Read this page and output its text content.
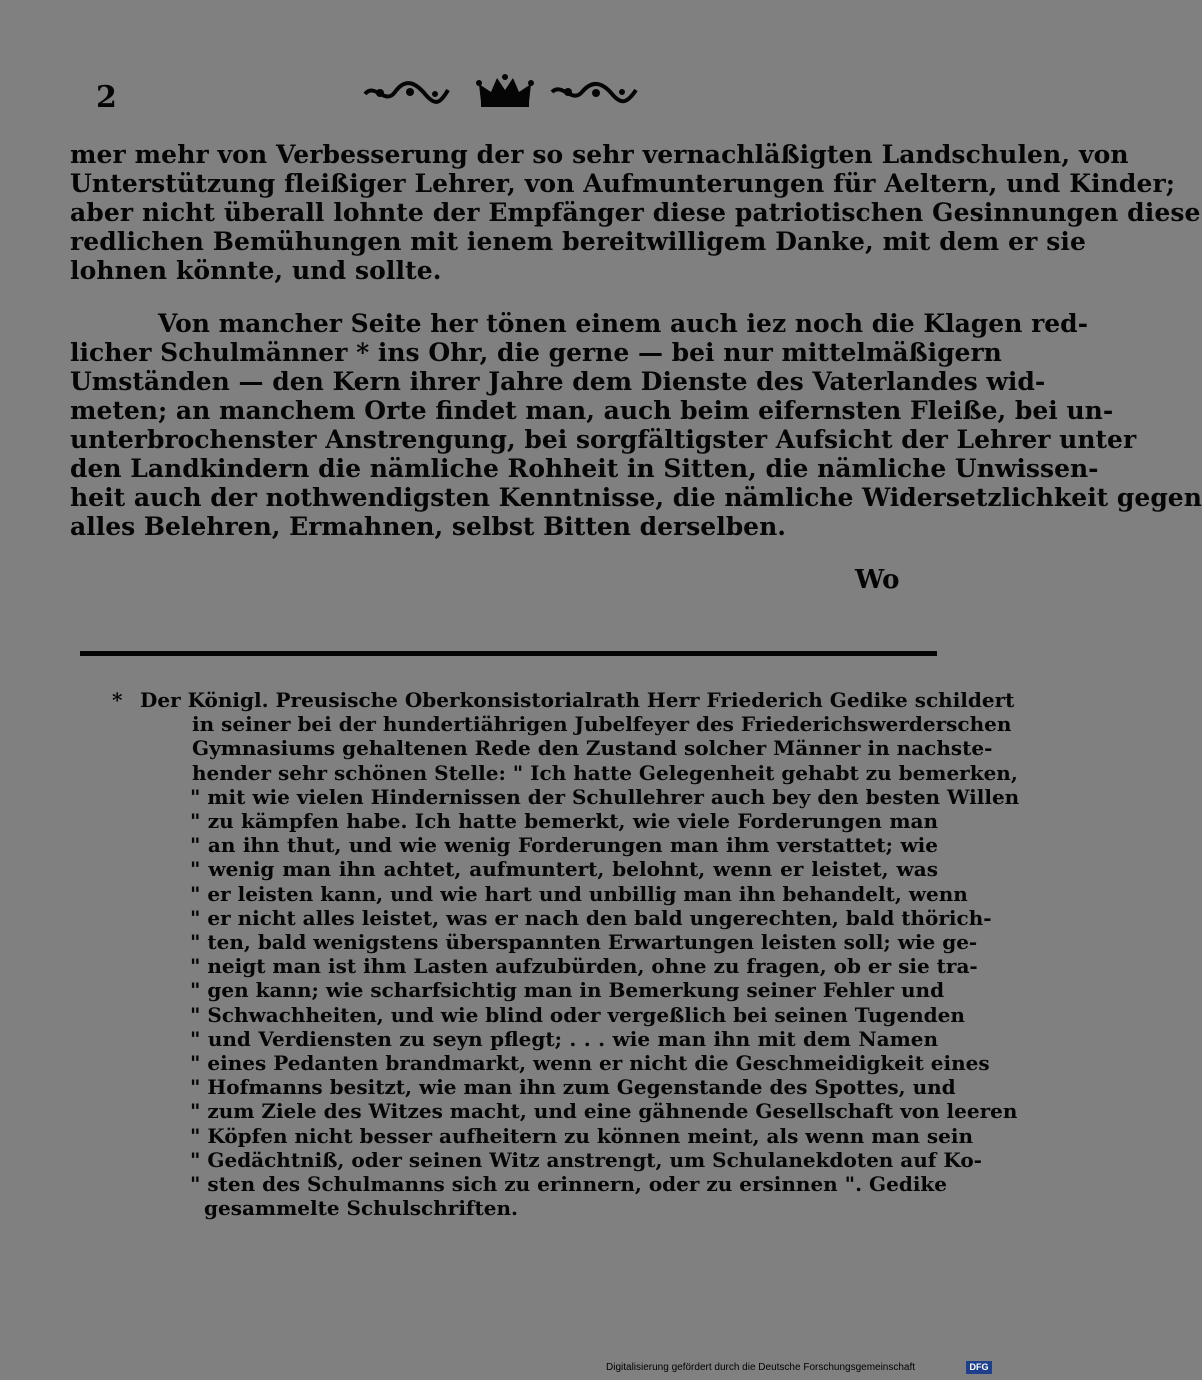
2

mer mehr von Verbesserung der so sehr vernachläßigten Landschulen, von
Unterstützung fleißiger Lehrer, von Aufmunterungen für Aeltern, und Kinder;
aber nicht überall lohnte der Empfänger diese patriotischen Gesinnungen diese
redlichen Bemühungen mit ienem bereitwilligem Danke, mit dem er sie
lohnen könnte, und sollte.

Von mancher Seite her tönen einem auch iez noch die Klagen red-
licher Schulmänner * ins Ohr, die gerne — bei nur mittelmäßigern
Umständen — den Kern ihrer Jahre dem Dienste des Vaterlandes wid-
meten; an manchem Orte findet man, auch beim eifernsten Fleiße, bei un-
unterbrochenster Anstrengung, bei sorgfältigster Aufsicht der Lehrer unter
den Landkindern die nämliche Rohheit in Sitten, die nämliche Unwissen-
heit auch der nothwendigsten Kenntnisse, die nämliche Widersetzlichkeit gegen
alles Belehren, Ermahnen, selbst Bitten derselben.

Wo
* Der Königl. Preusische Oberkonsistorialrath Herr Friederich Gedike schildert
in seiner bei der hundertiährigen Jubelfeyer des Friederichswerderschen
Gymnasiums gehaltenen Rede den Zustand solcher Männer in nachste-
hender sehr schönen Stelle: " Ich hatte Gelegenheit gehabt zu bemerken,
" mit wie vielen Hindernissen der Schullehrer auch bey den besten Willen
" zu kämpfen habe. Ich hatte bemerkt, wie viele Forderungen man
" an ihn thut, und wie wenig Forderungen man ihm verstattet; wie
" wenig man ihn achtet, aufmuntert, belohnt, wenn er leistet, was
" er leisten kann, und wie hart und unbillig man ihn behandelt, wenn
" er nicht alles leistet, was er nach den bald ungerechten, bald thörich-
" ten, bald wenigstens überspannten Erwartungen leisten soll; wie ge-
" neigt man ist ihm Lasten aufzubürden, ohne zu fragen, ob er sie tra-
" gen kann; wie scharfsichtig man in Bemerkung seiner Fehler und
" Schwachheiten, und wie blind oder vergeßlich bei seinen Tugenden
" und Verdiensten zu seyn pflegt; . . . wie man ihn mit dem Namen
" eines Pedanten brandmarkt, wenn er nicht die Geschmeidigkeit eines
" Hofmanns besitzt, wie man ihn zum Gegenstande des Spottes, und
" zum Ziele des Witzes macht, und eine gähnende Gesellschaft von leeren
" Köpfen nicht besser aufheitern zu können meint, als wenn man sein
" Gedächtniß, oder seinen Witz anstrengt, um Schulanekdoten auf Ko-
" sten des Schulmanns sich zu erinnern, oder zu ersinnen ". Gedike
gesammelte Schulschriften.
Digitalisierung gefördert durch die Deutsche Forschungsgemeinschaft	DFG
